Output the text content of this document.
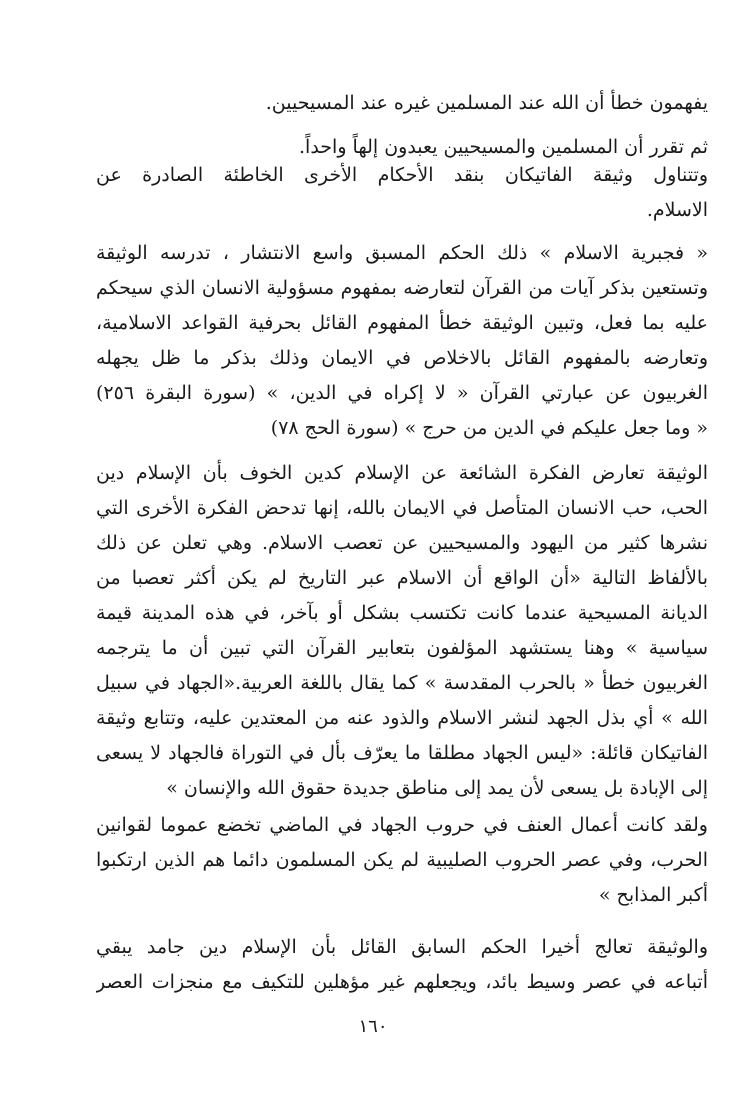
يفهمون خطأ أن الله عند المسلمين غيره عند المسيحيين.
ثم تقرر أن المسلمين والمسيحيين يعبدون إلهاً واحداً.
وتتناول وثيقة الفاتيكان بنقد الأحكام الأخرى الخاطئة الصادرة عن
الاسلام.
« فجبرية الاسلام » ذلك الحكم المسبق واسع الانتشار ، تدرسه الوثيقة
وتستعين بذكر آيات من القرآن لتعارضه بمفهوم مسؤولية الانسان الذي سيحكم
عليه بما فعل، وتبين الوثيقة خطأ المفهوم القائل بحرفية القواعد الاسلامية،
وتعارضه بالمفهوم القائل بالاخلاص في الايمان وذلك بذكر ما ظل يجهله
الغربيون عن عبارتي القرآن « لا إكراه في الدين، » (سورة البقرة ٢٥٦)
« وما جعل عليكم في الدين من حرج » (سورة الحج ٧٨)
الوثيقة تعارض الفكرة الشائعة عن الإسلام كدين الخوف بأن الإسلام دين
الحب، حب الانسان المتأصل في الايمان بالله، إنها تدحض الفكرة الأخرى التي
نشرها كثير من اليهود والمسيحيين عن تعصب الاسلام. وهي تعلن عن ذلك
بالألفاظ التالية «أن الواقع أن الاسلام عبر التاريخ لم يكن أكثر تعصبا من
الديانة المسيحية عندما كانت تكتسب بشكل أو بآخر، في هذه المدينة قيمة
سياسية » وهنا يستشهد المؤلفون بتعابير القرآن التي تبين أن ما يترجمه
الغربيون خطأ « بالحرب المقدسة » كما يقال باللغة العربية.«الجهاد في سبيل
الله » أي بذل الجهد لنشر الاسلام والذود عنه من المعتدين عليه، وتتابع وثيقة
الفاتيكان قائلة: «ليس الجهاد مطلقا ما يعرّف بأل في التوراة فالجهاد لا يسعى
إلى الإبادة بل يسعى لأن يمد إلى مناطق جديدة حقوق الله والإنسان »
ولقد كانت أعمال العنف في حروب الجهاد في الماضي تخضع عموما لقوانين
الحرب، وفي عصر الحروب الصليبية لم يكن المسلمون دائما هم الذين ارتكبوا
أكبر المذابح »
والوثيقة تعالج أخيرا الحكم السابق القائل بأن الإسلام دين جامد يبقي
أتباعه في عصر وسيط بائد، ويجعلهم غير مؤهلين للتكيف مع منجزات العصر
١٦٠
